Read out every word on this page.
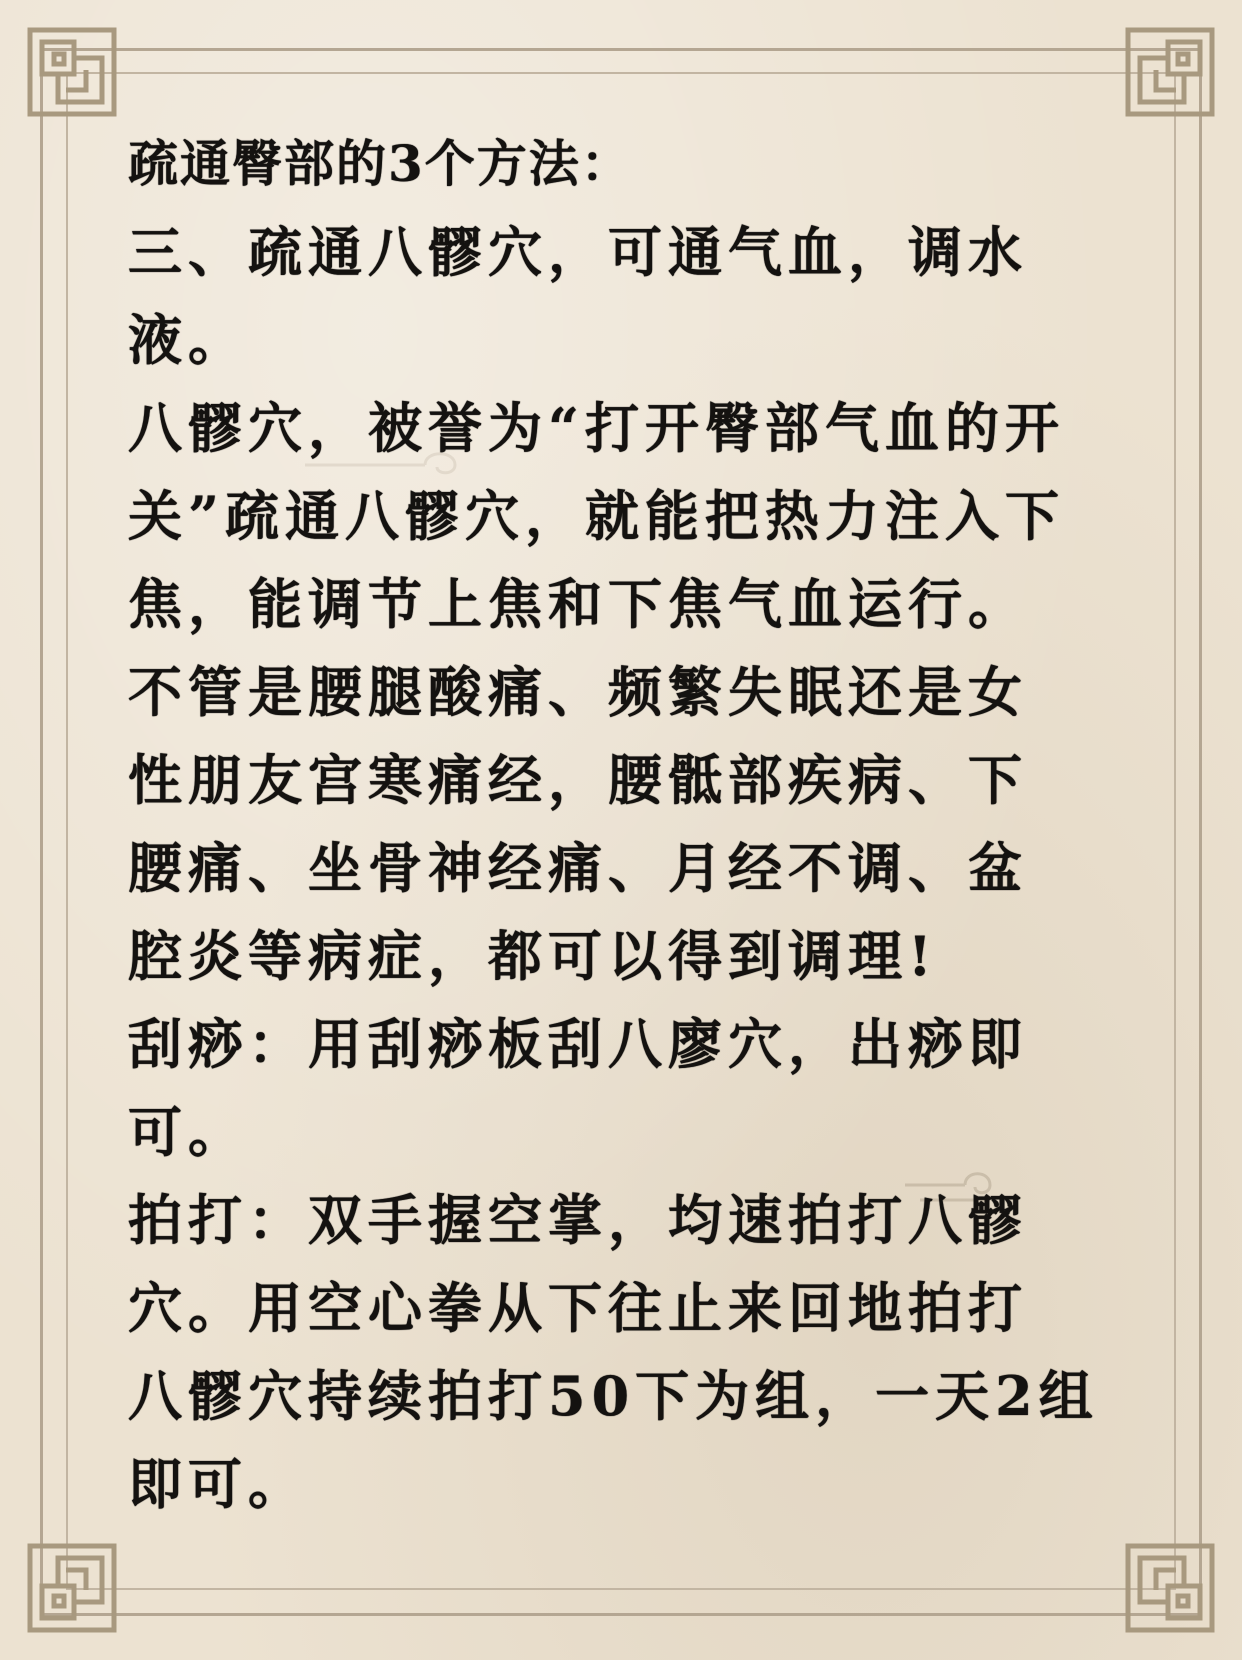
疏通臀部的3个方法：
三、疏通八髎穴，可通气血，调水
液。
八髎穴，被誉为“打开臀部气血的开
关”疏通八髎穴，就能把热力注入下
焦，能调节上焦和下焦气血运行。
不管是腰腿酸痛、频繁失眠还是女
性朋友宫寒痛经，腰骶部疾病、下
腰痛、坐骨神经痛、月经不调、盆
腔炎等病症，都可以得到调理!
刮痧：用刮痧板刮八廖穴，出痧即
可。
拍打：双手握空掌，均速拍打八髎
穴。用空心拳从下往止来回地拍打
八髎穴持续拍打50下为组，一天2组
即可。
